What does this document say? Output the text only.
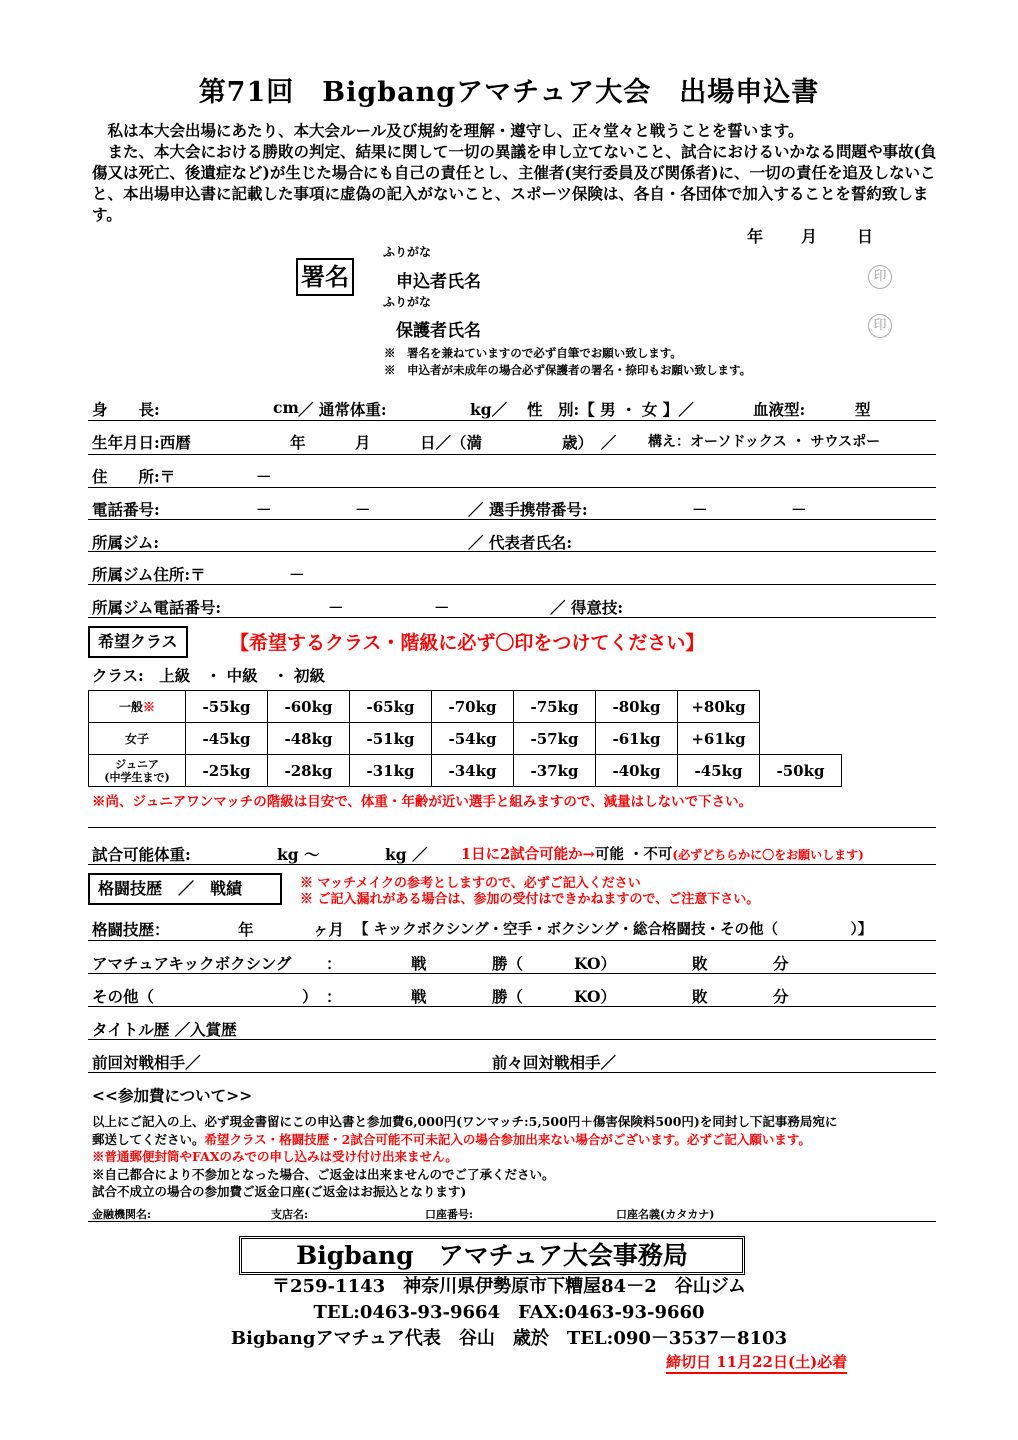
第71回　Bigbangアマチュア大会　出場申込書

　私は本大会出場にあたり、本大会ルール及び規約を理解・遵守し、正々堂々と戦うことを誓います。

　また、本大会における勝敗の判定、結果に関して一切の異議を申し立てないこと、試合におけるいかなる問題や事故(負傷又は死亡、後遺症など)が生じた場合にも自己の責任とし、主催者(実行委員及び関係者)に、一切の責任を追及しないこと、本出場申込書に記載した事項に虚偽の記入がないこと、スポーツ保険は、各自・各団体で加入することを誓約致します。

年 月 日
署名
ふりがな
申込者氏名	印
ふりがな
保護者氏名	印
※　署名を兼ねていますので必ず自筆でお願い致します。
※　申込者が未成年の場合必ず保護者の署名・捺印もお願い致します。
身　　長:	cm ／ 通常体重:	kg／ 性　別:【 男 ・ 女 】／	血液型:	型
生年月日:西暦	年	月	日／（満	歳）　／ 構え：オーソドックス ・ サウスポー
住　　所:〒	－
電話番号:	－	－	／ 選手携帯番号:	－	－
所属ジム:	／ 代表者氏名:
所属ジム住所:〒	－
所属ジム電話番号:	－	－	／ 得意技:
希望クラス	【希望するクラス・階級に必ず〇印をつけてください】
クラス:　上級　・ 中級　・ 初級
一般※	-55kg	-60kg	-65kg	-70kg	-75kg	-80kg	+80kg	
女子	-45kg	-48kg	-51kg	-54kg	-57kg	-61kg	+61kg	
ジュニア
(中学生まで)	-25kg	-28kg	-31kg	-34kg	-37kg	-40kg	-45kg	-50kg
※尚、ジュニアワンマッチの階級は目安で、体重・年齢が近い選手と組みますので、減量はしないで下さい。
試合可能体重:	kg ～	kg ／ 1日に2試合可能か→可能 ・不可(必ずどちらかに〇をお願いします)
格闘技歴　／　戦績	※ マッチメイクの参考としますので、必ずご記入ください
※ ご記入漏れがある場合は、参加の受付はできかねますので、ご注意下さい。
格闘技歴：	年	ヶ月 【 キックボクシング・空手・ボクシング・総合格闘技・その他（　　　　　）】
アマチュアキックボクシング ：	戦	勝（	KO）	敗	分
その他（	） ：	戦	勝（	KO）	敗	分
タイトル歴 ／入賞歴
前回対戦相手／	前々回対戦相手／
<<参加費について>>

以上にご記入の上、必ず現金書留にこの申込書と参加費6,000円(ワンマッチ:5,500円＋傷害保険料500円)を同封し下記事務局宛に

郵送してください。希望クラス・格闘技歴・2試合可能不可未記入の場合参加出来ない場合がございます。必ずご記入願います。

※普通郵便封筒やFAXのみでの申し込みは受け付け出来ません。

※自己都合により不参加となった場合、ご返金は出来ませんのでご了承ください。

試合不成立の場合の参加費ご返金口座(ご返金はお振込となります)

金融機関名:	支店名:	口座番号:	口座名義(カタカナ)
Bigbang　アマチュア大会事務局
〒259-1143　神奈川県伊勢原市下糟屋84－2　谷山ジム
TEL:0463-93-9664　FAX:0463-93-9660
Bigbangアマチュア代表　谷山　歳於　TEL:090－3537－8103
締切日 11月22日(土)必着
